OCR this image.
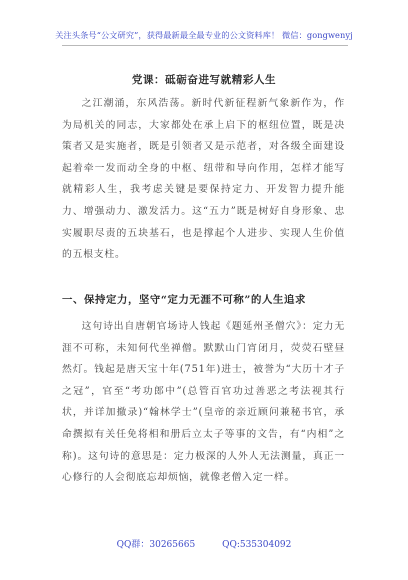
关注头条号“公文研究”，获得最新最全最专业的公文资料库！ 微信：gongwenyj
党课：砥砺奋进写就精彩人生

之江潮涌，东风浩荡。新时代新征程新气象新作为，作为局机关的同志，大家都处在承上启下的枢纽位置，既是决策者又是实施者，既是引领者又是示范者，对各级全面建设起着牵一发而动全身的中枢、纽带和导向作用，怎样才能写就精彩人生，我考虑关键是要保持定力、开发智力提升能力、增强动力、激发活力。这“五力”既是树好自身形象、忠实履职尽责的五块基石，也是撑起个人进步、实现人生价值的五根支柱。

一、保持定力，坚守“定力无涯不可称”的人生追求

这句诗出自唐朝官场诗人钱起《题延州圣僧穴》：定力无涯不可称，未知何代坐禅僧。默默山门宵闭月，荧荧石壁昼然灯。钱起是唐天宝十年(751年)进士，被誉为“大历十才子之冠”，官至“考功郎中”(总管百官功过善恶之考法视其行状，并详加撤录)“翰林学士”(皇帝的亲近顾问兼秘书官，承命撰拟有关任免将相和册后立太子等事的文告，有“内相”之称)。这句诗的意思是：定力极深的人外人无法测量，真正一心修行的人会彻底忘却烦恼，就像老僧入定一样。

QQ群：30265665	QQ:535304092
